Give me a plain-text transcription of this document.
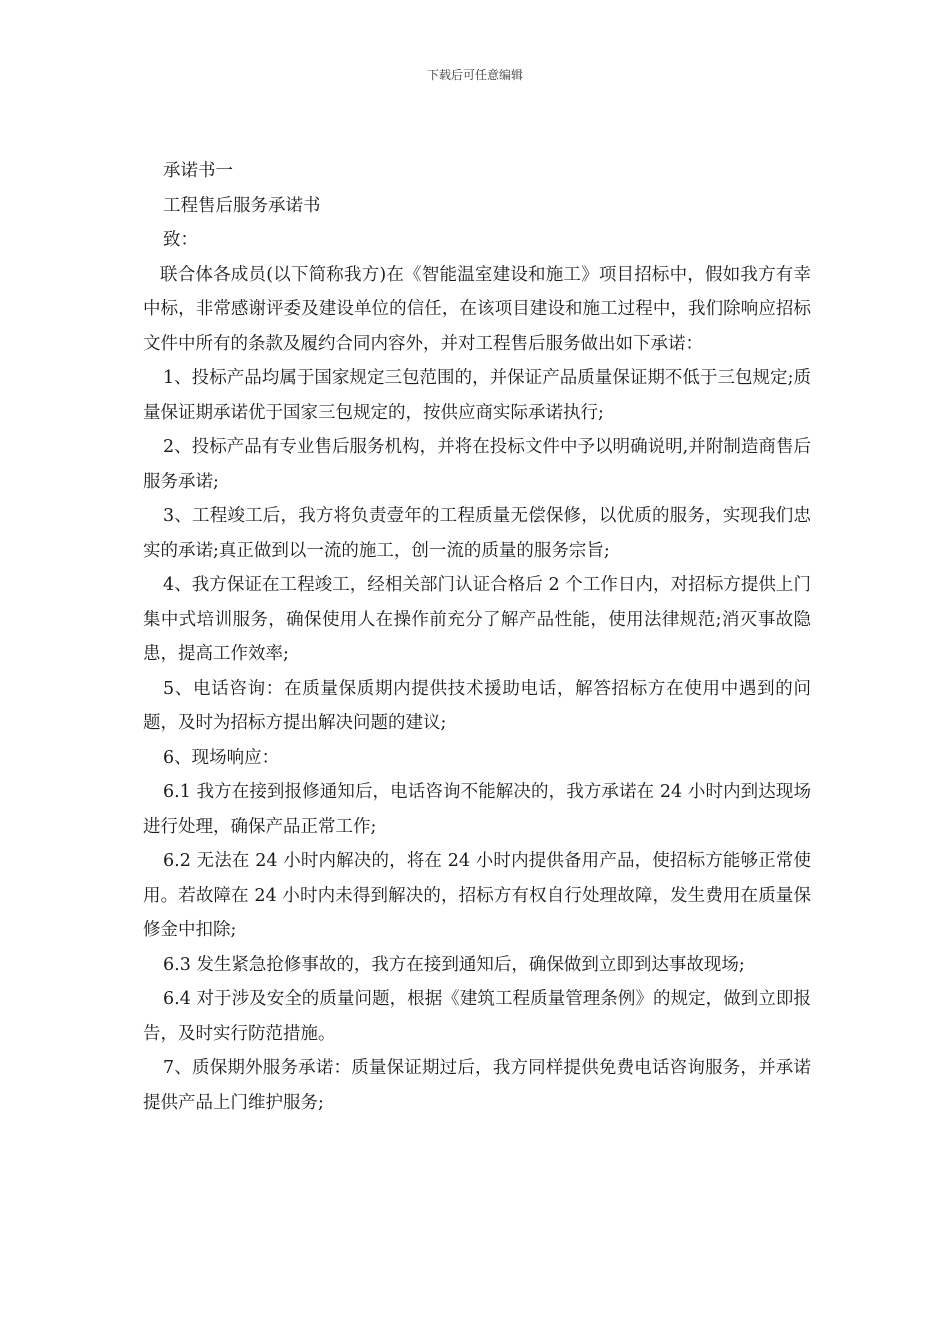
下载后可任意编辑

承诺书一

工程售后服务承诺书

致：

联合体各成员(以下简称我方)在《智能温室建设和施工》项目招标中，假如我方有幸中标，非常感谢评委及建设单位的信任，在该项目建设和施工过程中，我们除响应招标文件中所有的条款及履约合同内容外，并对工程售后服务做出如下承诺：

1、投标产品均属于国家规定三包范围的，并保证产品质量保证期不低于三包规定;质量保证期承诺优于国家三包规定的，按供应商实际承诺执行;

2、投标产品有专业售后服务机构，并将在投标文件中予以明确说明,并附制造商售后服务承诺;

3、工程竣工后，我方将负责壹年的工程质量无偿保修，以优质的服务，实现我们忠实的承诺;真正做到以一流的施工，创一流的质量的服务宗旨;

4、我方保证在工程竣工，经相关部门认证合格后 2 个工作日内，对招标方提供上门集中式培训服务，确保使用人在操作前充分了解产品性能，使用法律规范;消灭事故隐患，提高工作效率;

5、电话咨询：在质量保质期内提供技术援助电话，解答招标方在使用中遇到的问题，及时为招标方提出解决问题的建议;

6、现场响应：

6.1 我方在接到报修通知后，电话咨询不能解决的，我方承诺在 24 小时内到达现场进行处理，确保产品正常工作;

6.2 无法在 24 小时内解决的，将在 24 小时内提供备用产品，使招标方能够正常使用。若故障在 24 小时内未得到解决的，招标方有权自行处理故障，发生费用在质量保修金中扣除;

6.3 发生紧急抢修事故的，我方在接到通知后，确保做到立即到达事故现场;

6.4 对于涉及安全的质量问题，根据《建筑工程质量管理条例》的规定，做到立即报告，及时实行防范措施。

7、质保期外服务承诺：质量保证期过后，我方同样提供免费电话咨询服务，并承诺提供产品上门维护服务;
